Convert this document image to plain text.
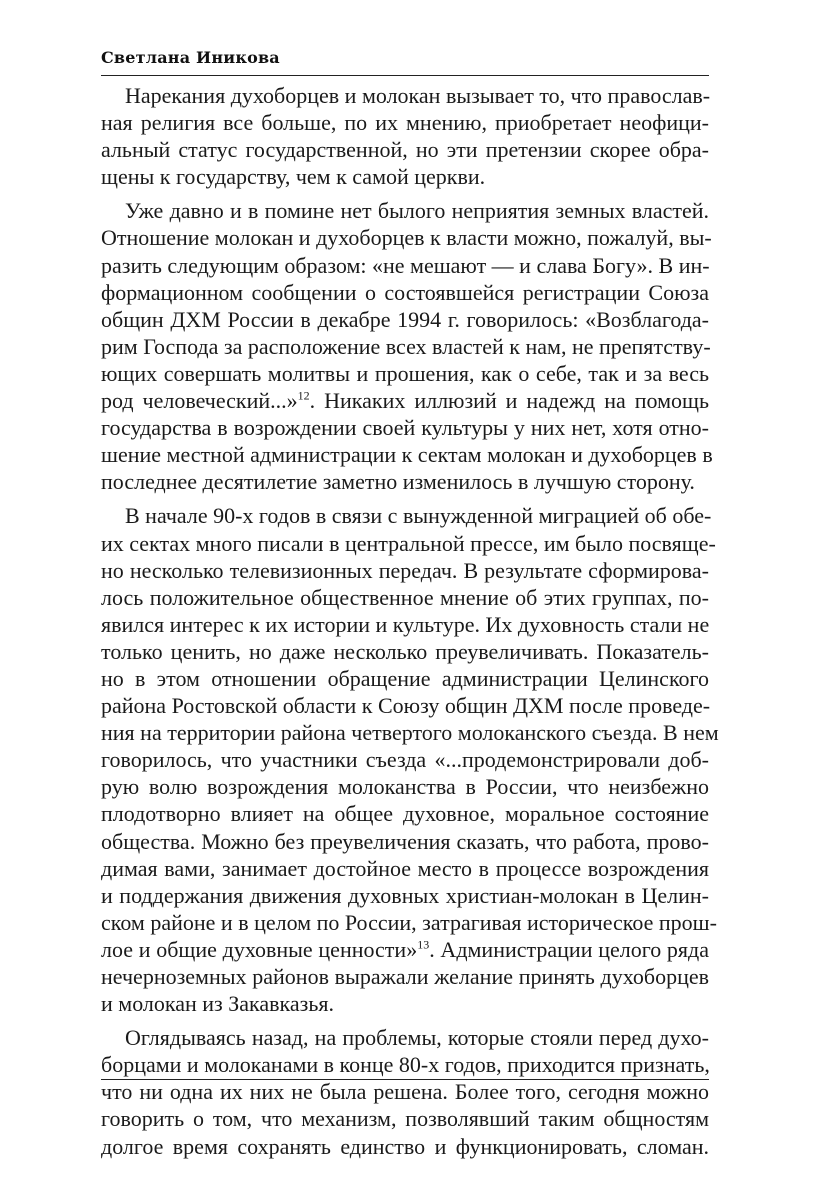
Светлана Иникова
Нарекания духоборцев и молокан вызывает то, что православ-
ная религия все больше, по их мнению, приобретает неофици-
альный статус государственной, но эти претензии скорее обра-
щены к государству, чем к самой церкви.
Уже давно и в помине нет былого неприятия земных властей.
Отношение молокан и духоборцев к власти можно, пожалуй, вы-
разить следующим образом: «не мешают — и слава Богу». В ин-
формационном сообщении о состоявшейся регистрации Союза
общин ДХМ России в декабре 1994 г. говорилось: «Возблагода-
рим Господа за расположение всех властей к нам, не препятству-
ющих совершать молитвы и прошения, как о себе, так и за весь
род человеческий...»$^{12}$. Никаких иллюзий и надежд на помощь
государства в возрождении своей культуры у них нет, хотя отно-
шение местной администрации к сектам молокан и духоборцев в
последнее десятилетие заметно изменилось в лучшую сторону.
В начале 90-х годов в связи с вынужденной миграцией об обе-
их сектах много писали в центральной прессе, им было посвяще-
но несколько телевизионных передач. В результате сформирова-
лось положительное общественное мнение об этих группах, по-
явился интерес к их истории и культуре. Их духовность стали не
только ценить, но даже несколько преувеличивать. Показатель-
но в этом отношении обращение администрации Целинского
района Ростовской области к Союзу общин ДХМ после проведе-
ния на территории района четвертого молоканского съезда. В нем
говорилось, что участники съезда «...продемонстрировали доб-
рую волю возрождения молоканства в России, что неизбежно
плодотворно влияет на общее духовное, моральное состояние
общества. Можно без преувеличения сказать, что работа, прово-
димая вами, занимает достойное место в процессе возрождения
и поддержания движения духовных христиан-молокан в Целин-
ском районе и в целом по России, затрагивая историческое прош-
лое и общие духовные ценности»$^{13}$. Администрации целого ряда
нечерноземных районов выражали желание принять духоборцев
и молокан из Закавказья.
Оглядываясь назад, на проблемы, которые стояли перед духо-
борцами и молоканами в конце 80-х годов, приходится признать,
что ни одна их них не была решена. Более того, сегодня можно
говорить о том, что механизм, позволявший таким общностям
долгое время сохранять единство и функционировать, сломан.
